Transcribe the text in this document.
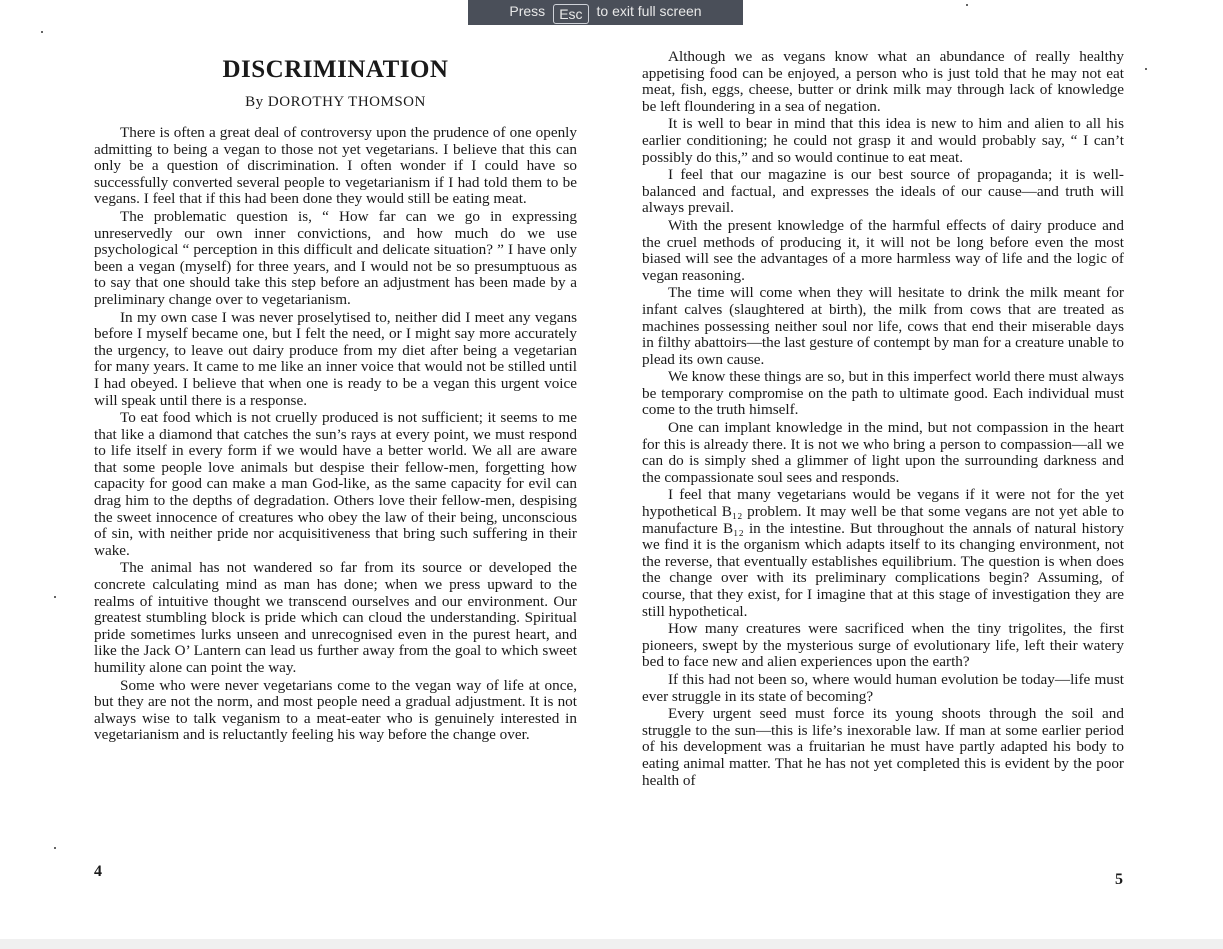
Press	Esc	to exit full screen
DISCRIMINATION
By DOROTHY THOMSON

There is often a great deal of controversy upon the prudence of one openly admitting to being a vegan to those not yet vegetarians. I believe that this can only be a question of discrimination. I often wonder if I could have so successfully converted several people to vegetarianism if I had told them to be vegans. I feel that if this had been done they would still be eating meat.

The problematic question is, “ How far can we go in expressing unreservedly our own inner convictions, and how much do we use psychological “ perception in this difficult and delicate situation? ” I have only been a vegan (myself) for three years, and I would not be so presumptuous as to say that one should take this step before an adjustment has been made by a preliminary change over to vegetarianism.

In my own case I was never proselytised to, neither did I meet any vegans before I myself became one, but I felt the need, or I might say more accurately the urgency, to leave out dairy produce from my diet after being a vegetarian for many years. It came to me like an inner voice that would not be stilled until I had obeyed. I believe that when one is ready to be a vegan this urgent voice will speak until there is a response.

To eat food which is not cruelly produced is not sufficient; it seems to me that like a diamond that catches the sun’s rays at every point, we must respond to life itself in every form if we would have a better world. We all are aware that some people love animals but despise their fellow-men, forgetting how capacity for good can make a man God-like, as the same capacity for evil can drag him to the depths of degradation. Others love their fellow-men, despising the sweet innocence of creatures who obey the law of their being, unconscious of sin, with neither pride nor acquisitiveness that bring such suffering in their wake.

The animal has not wandered so far from its source or developed the concrete calculating mind as man has done; when we press upward to the realms of intuitive thought we transcend ourselves and our environment. Our greatest stumbling block is pride which can cloud the understanding. Spiritual pride sometimes lurks unseen and unrecognised even in the purest heart, and like the Jack O’ Lantern can lead us further away from the goal to which sweet humility alone can point the way.

Some who were never vegetarians come to the vegan way of life at once, but they are not the norm, and most people need a gradual adjustment. It is not always wise to talk veganism to a meat-eater who is genuinely interested in vegetarianism and is reluctantly feeling his way before the change over.

Although we as vegans know what an abundance of really healthy appetising food can be enjoyed, a person who is just told that he may not eat meat, fish, eggs, cheese, butter or drink milk may through lack of knowledge be left floundering in a sea of negation.

It is well to bear in mind that this idea is new to him and alien to all his earlier conditioning; he could not grasp it and would probably say, “ I can’t possibly do this,” and so would continue to eat meat.

I feel that our magazine is our best source of propaganda; it is well-balanced and factual, and expresses the ideals of our cause—and truth will always prevail.

With the present knowledge of the harmful effects of dairy produce and the cruel methods of producing it, it will not be long before even the most biased will see the advantages of a more harmless way of life and the logic of vegan reasoning.

The time will come when they will hesitate to drink the milk meant for infant calves (slaughtered at birth), the milk from cows that are treated as machines possessing neither soul nor life, cows that end their miserable days in filthy abattoirs—the last gesture of contempt by man for a creature unable to plead its own cause.

We know these things are so, but in this imperfect world there must always be temporary compromise on the path to ultimate good. Each individual must come to the truth himself.

One can implant knowledge in the mind, but not compassion in the heart for this is already there. It is not we who bring a person to compassion—all we can do is simply shed a glimmer of light upon the surrounding darkness and the compassionate soul sees and responds.

I feel that many vegetarians would be vegans if it were not for the yet hypothetical B₁₂ problem. It may well be that some vegans are not yet able to manufacture B₁₂ in the intestine. But throughout the annals of natural history we find it is the organism which adapts itself to its changing environment, not the reverse, that eventually establishes equilibrium. The question is when does the change over with its preliminary complications begin? Assuming, of course, that they exist, for I imagine that at this stage of investigation they are still hypothetical.

How many creatures were sacrificed when the tiny trigolites, the first pioneers, swept by the mysterious surge of evolutionary life, left their watery bed to face new and alien experiences upon the earth?

If this had not been so, where would human evolution be today—life must ever struggle in its state of becoming?

Every urgent seed must force its young shoots through the soil and struggle to the sun—this is life’s inexorable law. If man at some earlier period of his development was a fruitarian he must have partly adapted his body to eating animal matter. That he has not yet completed this is evident by the poor health of

4	5
